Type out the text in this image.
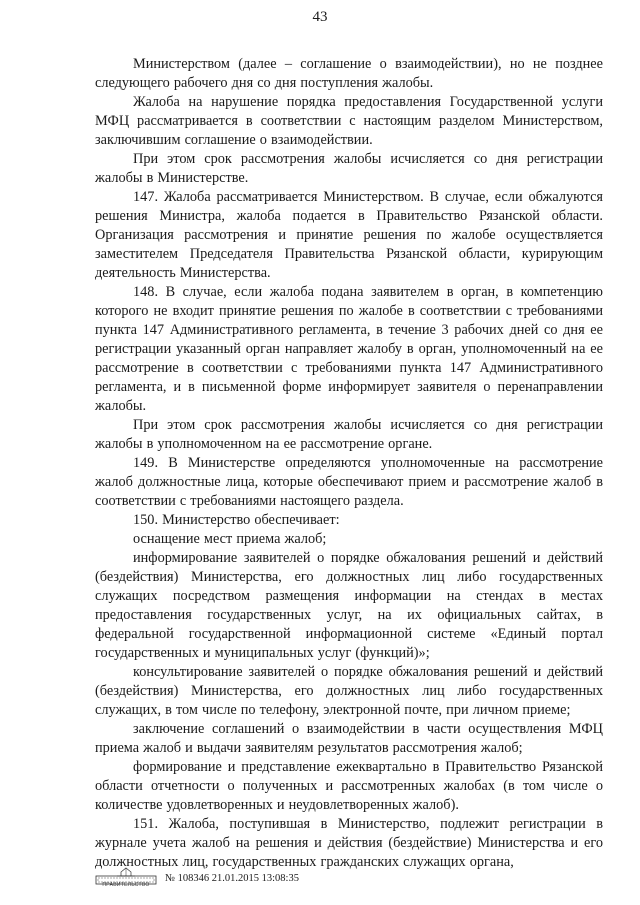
43

Министерством (далее – соглашение о взаимодействии), но не позднее следующего рабочего дня со дня поступления жалобы.

Жалоба на нарушение порядка предоставления Государственной услуги МФЦ рассматривается в соответствии с настоящим разделом Министерством, заключившим соглашение о взаимодействии.

При этом срок рассмотрения жалобы исчисляется со дня регистрации жалобы в Министерстве.

147. Жалоба рассматривается Министерством. В случае, если обжалуются решения Министра, жалоба подается в Правительство Рязанской области. Организация рассмотрения и принятие решения по жалобе осуществляется заместителем Председателя Правительства Рязанской области, курирующим деятельность Министерства.

148. В случае, если жалоба подана заявителем в орган, в компетенцию которого не входит принятие решения по жалобе в соответствии с требованиями пункта 147 Административного регламента, в течение 3 рабочих дней со дня ее регистрации указанный орган направляет жалобу в орган, уполномоченный на ее рассмотрение в соответствии с требованиями пункта 147 Административного регламента, и в письменной форме информирует заявителя о перенаправлении жалобы.

При этом срок рассмотрения жалобы исчисляется со дня регистрации жалобы в уполномоченном на ее рассмотрение органе.

149. В Министерстве определяются уполномоченные на рассмотрение жалоб должностные лица, которые обеспечивают прием и рассмотрение жалоб в соответствии с требованиями настоящего раздела.

150. Министерство обеспечивает:

оснащение мест приема жалоб;

информирование заявителей о порядке обжалования решений и действий (бездействия) Министерства, его должностных лиц либо государственных служащих посредством размещения информации на стендах в местах предоставления государственных услуг, на их официальных сайтах, в федеральной государственной информационной системе «Единый портал государственных и муниципальных услуг (функций)»;

консультирование заявителей о порядке обжалования решений и действий (бездействия) Министерства, его должностных лиц либо государственных служащих, в том числе по телефону, электронной почте, при личном приеме;

заключение соглашений о взаимодействии в части осуществления МФЦ приема жалоб и выдачи заявителям результатов рассмотрения жалоб;

формирование и представление ежеквартально в Правительство Рязанской области отчетности о полученных и рассмотренных жалобах (в том числе о количестве удовлетворенных и неудовлетворенных жалоб).

151. Жалоба, поступившая в Министерство, подлежит регистрации в журнале учета жалоб на решения и действия (бездействие) Министерства и его должностных лиц, государственных гражданских служащих органа,

ПРАВИТЕЛЬСТВО
№ 108346 21.01.2015 13:08:35
